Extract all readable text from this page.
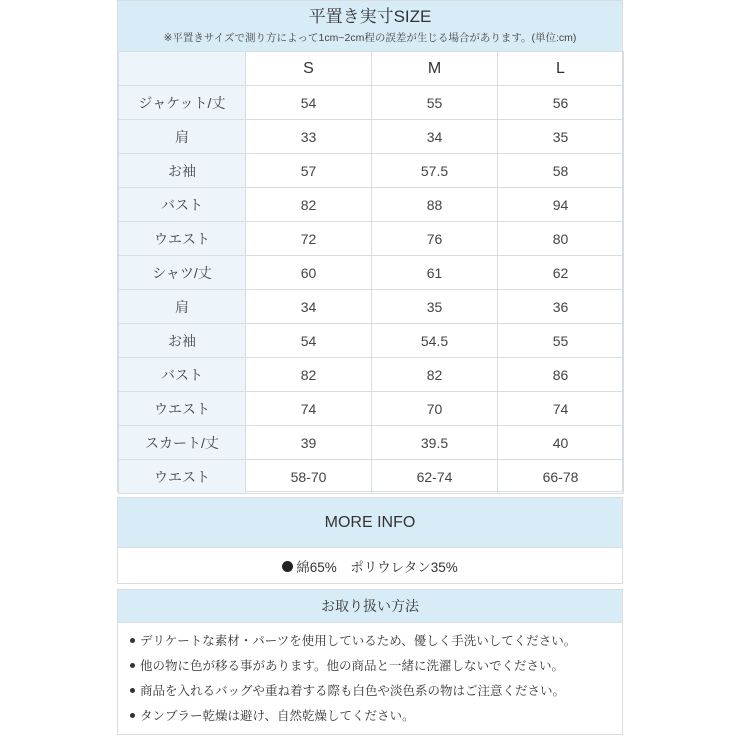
平置き実寸SIZE
※平置きサイズで測り方によって1cm~2cm程の誤差が生じる場合があります。(単位:cm)
	S	M	L
ジャケット/丈	54	55	56
肩	33	34	35
お袖	57	57.5	58
バスト	82	88	94
ウエスト	72	76	80
シャツ/丈	60	61	62
肩	34	35	36
お袖	54	54.5	55
バスト	82	82	86
ウエスト	74	70	74
スカート/丈	39	39.5	40
ウエスト	58-70	62-74	66-78
MORE INFO
綿65%　ポリウレタン35%
お取り扱い方法
デリケートな素材・パーツを使用しているため、優しく手洗いしてください。
他の物に色が移る事があります。他の商品と一緒に洗濯しないでください。
商品を入れるバッグや重ね着する際も白色や淡色系の物はご注意ください。
タンブラー乾燥は避け、自然乾燥してください。
